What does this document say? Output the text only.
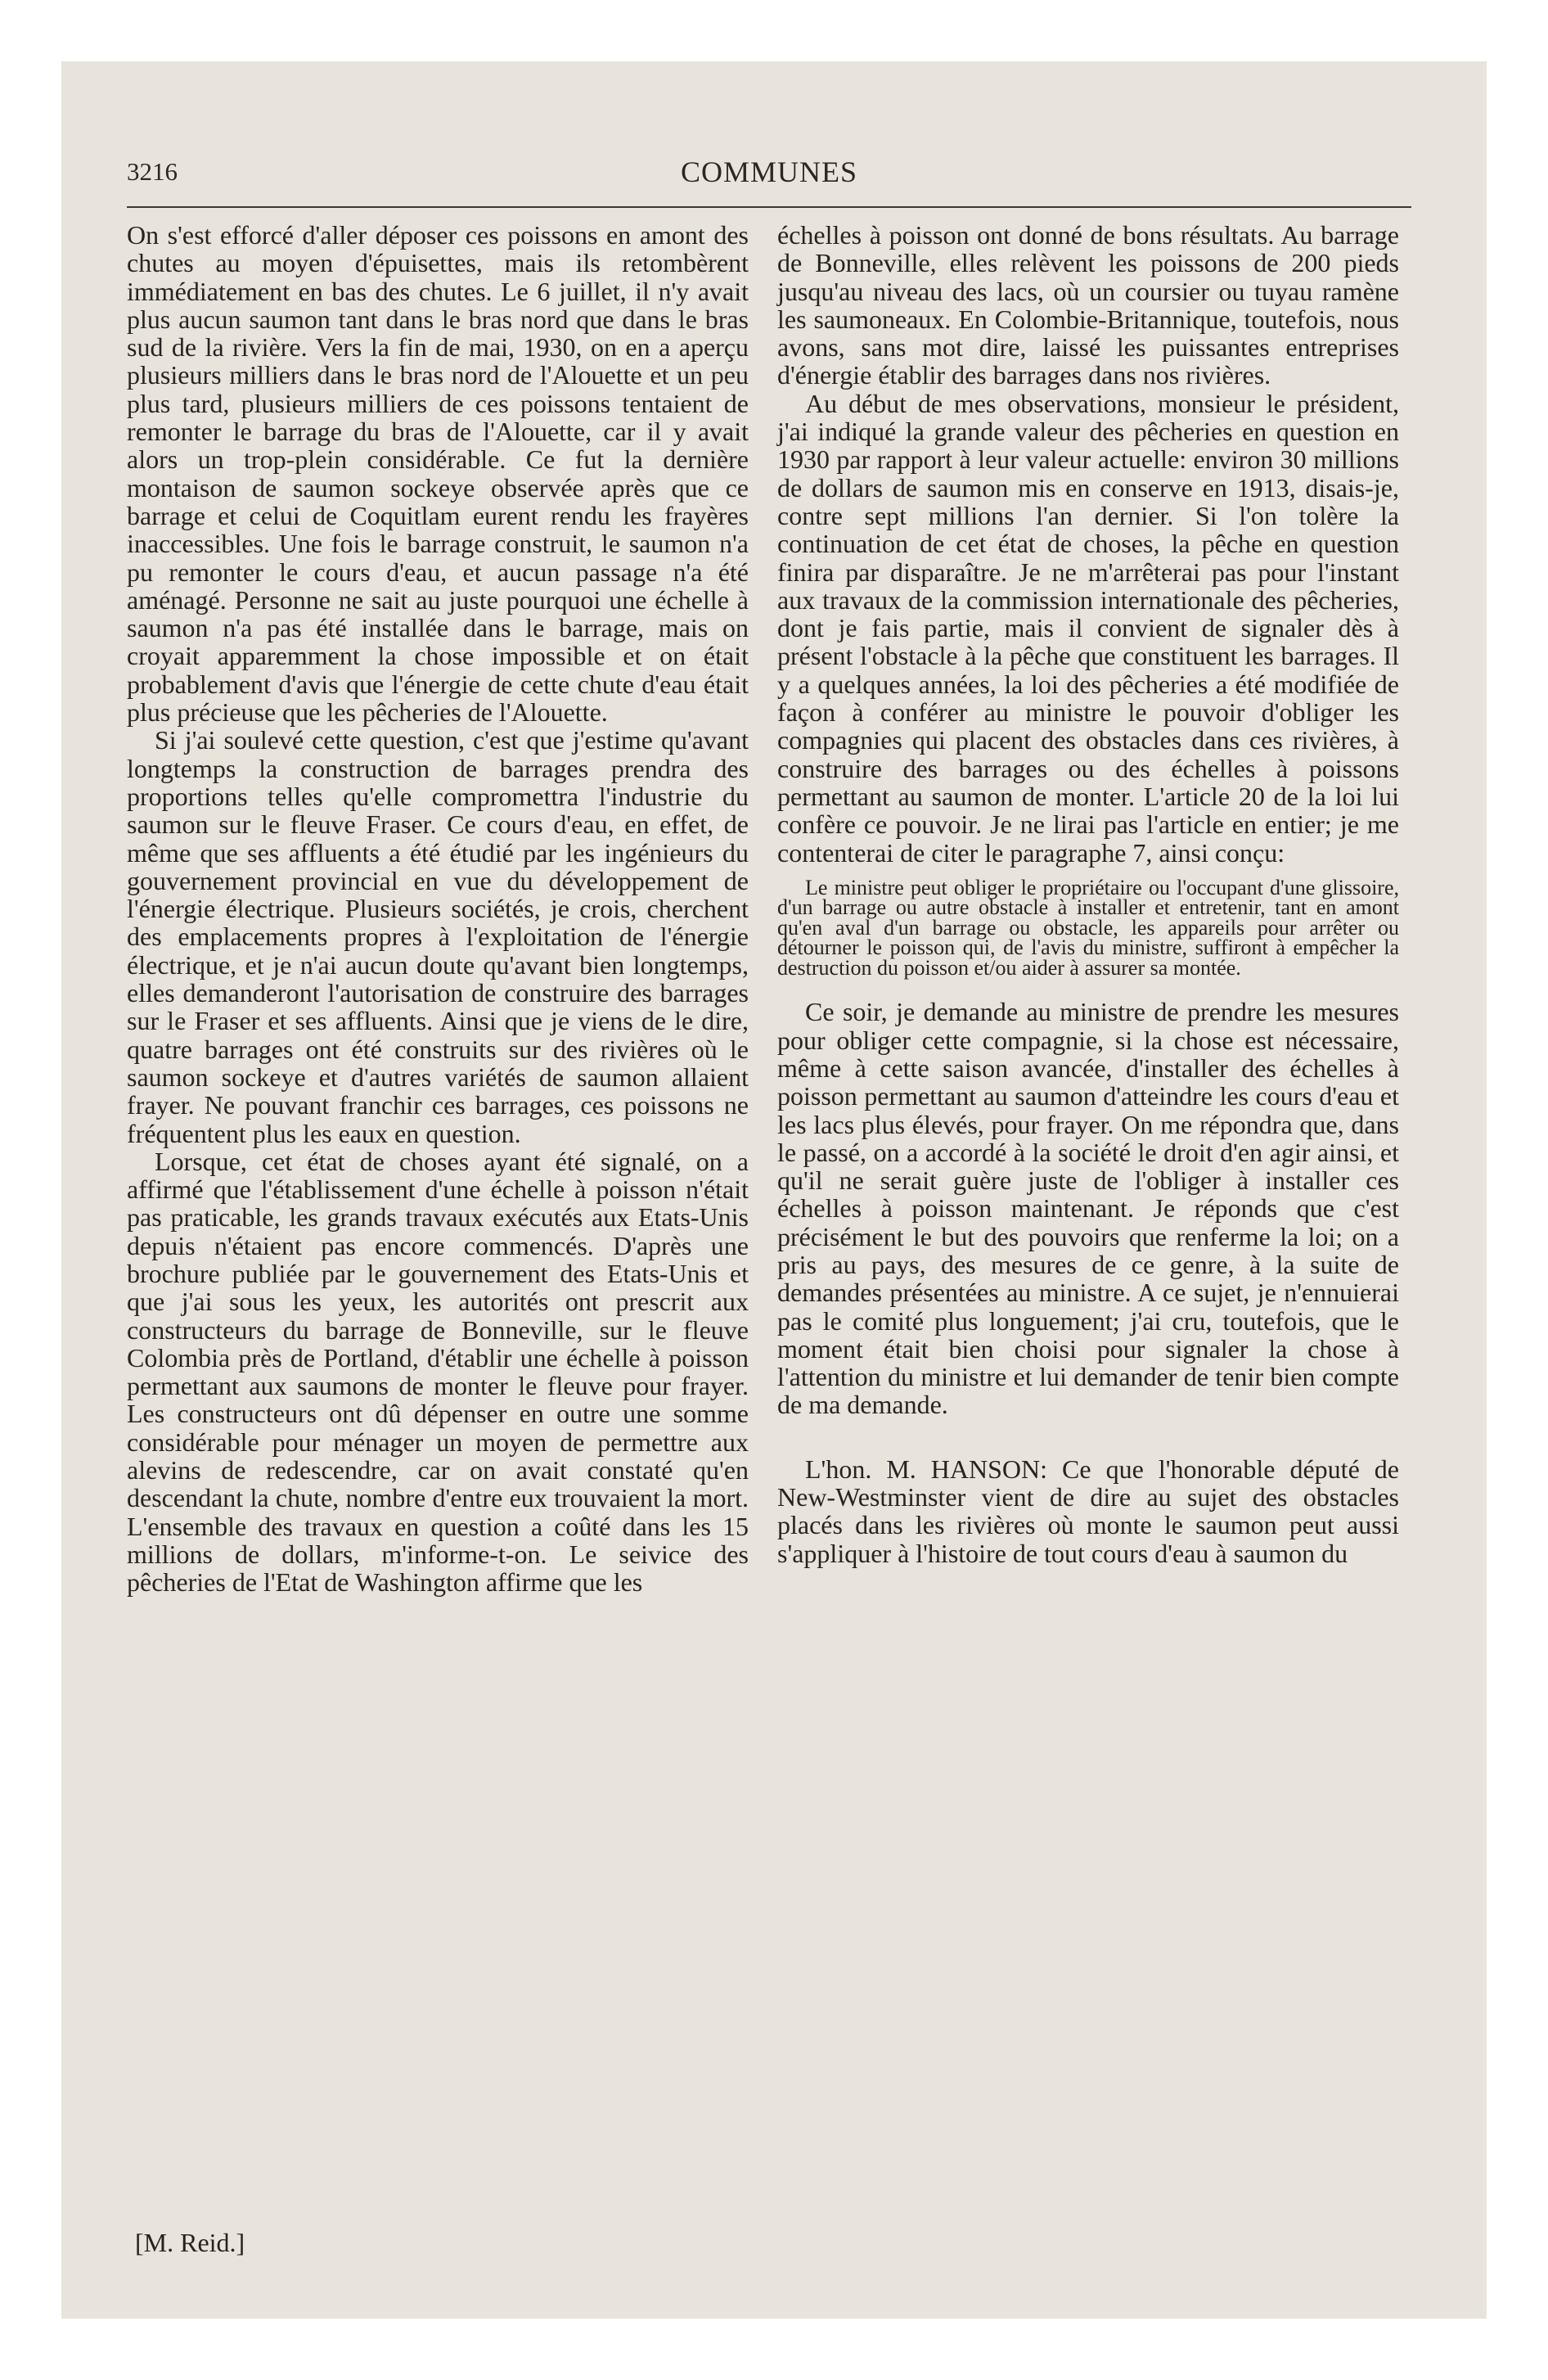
3216	COMMUNES

On s'est efforcé d'aller déposer ces poissons en amont des chutes au moyen d'épuisettes, mais ils retombèrent immédiatement en bas des chutes. Le 6 juillet, il n'y avait plus aucun saumon tant dans le bras nord que dans le bras sud de la rivière. Vers la fin de mai, 1930, on en a aperçu plusieurs milliers dans le bras nord de l'Alouette et un peu plus tard, plusieurs milliers de ces poissons tentaient de remonter le barrage du bras de l'Alouette, car il y avait alors un trop-plein considérable. Ce fut la dernière montaison de saumon sockeye observée après que ce barrage et celui de Coquitlam eurent rendu les frayères inaccessibles. Une fois le barrage construit, le saumon n'a pu remonter le cours d'eau, et aucun passage n'a été aménagé. Personne ne sait au juste pourquoi une échelle à saumon n'a pas été installée dans le barrage, mais on croyait apparemment la chose impossible et on était probablement d'avis que l'énergie de cette chute d'eau était plus précieuse que les pêcheries de l'Alouette.

Si j'ai soulevé cette question, c'est que j'estime qu'avant longtemps la construction de barrages prendra des proportions telles qu'elle compromettra l'industrie du saumon sur le fleuve Fraser. Ce cours d'eau, en effet, de même que ses affluents a été étudié par les ingénieurs du gouvernement provincial en vue du développement de l'énergie électrique. Plusieurs sociétés, je crois, cherchent des emplacements propres à l'exploitation de l'énergie électrique, et je n'ai aucun doute qu'avant bien longtemps, elles demanderont l'autorisation de construire des barrages sur le Fraser et ses affluents. Ainsi que je viens de le dire, quatre barrages ont été construits sur des rivières où le saumon sockeye et d'autres variétés de saumon allaient frayer. Ne pouvant franchir ces barrages, ces poissons ne fréquentent plus les eaux en question.

Lorsque, cet état de choses ayant été signalé, on a affirmé que l'établissement d'une échelle à poisson n'était pas praticable, les grands travaux exécutés aux Etats-Unis depuis n'étaient pas encore commencés. D'après une brochure publiée par le gouvernement des Etats-Unis et que j'ai sous les yeux, les autorités ont prescrit aux constructeurs du barrage de Bonneville, sur le fleuve Colombia près de Portland, d'établir une échelle à poisson permettant aux saumons de monter le fleuve pour frayer. Les constructeurs ont dû dépenser en outre une somme considérable pour ménager un moyen de permettre aux alevins de redescendre, car on avait constaté qu'en descendant la chute, nombre d'entre eux trouvaient la mort. L'ensemble des travaux en question a coûté dans les 15 millions de dollars, m'informe-t-on. Le seivice des pêcheries de l'Etat de Washington affirme que les

échelles à poisson ont donné de bons résultats. Au barrage de Bonneville, elles relèvent les poissons de 200 pieds jusqu'au niveau des lacs, où un coursier ou tuyau ramène les saumoneaux. En Colombie-Britannique, toutefois, nous avons, sans mot dire, laissé les puissantes entreprises d'énergie établir des barrages dans nos rivières.

Au début de mes observations, monsieur le président, j'ai indiqué la grande valeur des pêcheries en question en 1930 par rapport à leur valeur actuelle: environ 30 millions de dollars de saumon mis en conserve en 1913, disais-je, contre sept millions l'an dernier. Si l'on tolère la continuation de cet état de choses, la pêche en question finira par disparaître. Je ne m'arrêterai pas pour l'instant aux travaux de la commission internationale des pêcheries, dont je fais partie, mais il convient de signaler dès à présent l'obstacle à la pêche que constituent les barrages. Il y a quelques années, la loi des pêcheries a été modifiée de façon à conférer au ministre le pouvoir d'obliger les compagnies qui placent des obstacles dans ces rivières, à construire des barrages ou des échelles à poissons permettant au saumon de monter. L'article 20 de la loi lui confère ce pouvoir. Je ne lirai pas l'article en entier; je me contenterai de citer le paragraphe 7, ainsi conçu:

Le ministre peut obliger le propriétaire ou l'occupant d'une glissoire, d'un barrage ou autre obstacle à installer et entretenir, tant en amont qu'en aval d'un barrage ou obstacle, les appareils pour arrêter ou détourner le poisson qui, de l'avis du ministre, suffiront à empêcher la destruction du poisson et/ou aider à assurer sa montée.

Ce soir, je demande au ministre de prendre les mesures pour obliger cette compagnie, si la chose est nécessaire, même à cette saison avancée, d'installer des échelles à poisson permettant au saumon d'atteindre les cours d'eau et les lacs plus élevés, pour frayer. On me répondra que, dans le passé, on a accordé à la société le droit d'en agir ainsi, et qu'il ne serait guère juste de l'obliger à installer ces échelles à poisson maintenant. Je réponds que c'est précisément le but des pouvoirs que renferme la loi; on a pris au pays, des mesures de ce genre, à la suite de demandes présentées au ministre. A ce sujet, je n'ennuierai pas le comité plus longuement; j'ai cru, toutefois, que le moment était bien choisi pour signaler la chose à l'attention du ministre et lui demander de tenir bien compte de ma demande.

L'hon. M. HANSON: Ce que l'honorable député de New-Westminster vient de dire au sujet des obstacles placés dans les rivières où monte le saumon peut aussi s'appliquer à l'histoire de tout cours d'eau à saumon du

[M. Reid.]
